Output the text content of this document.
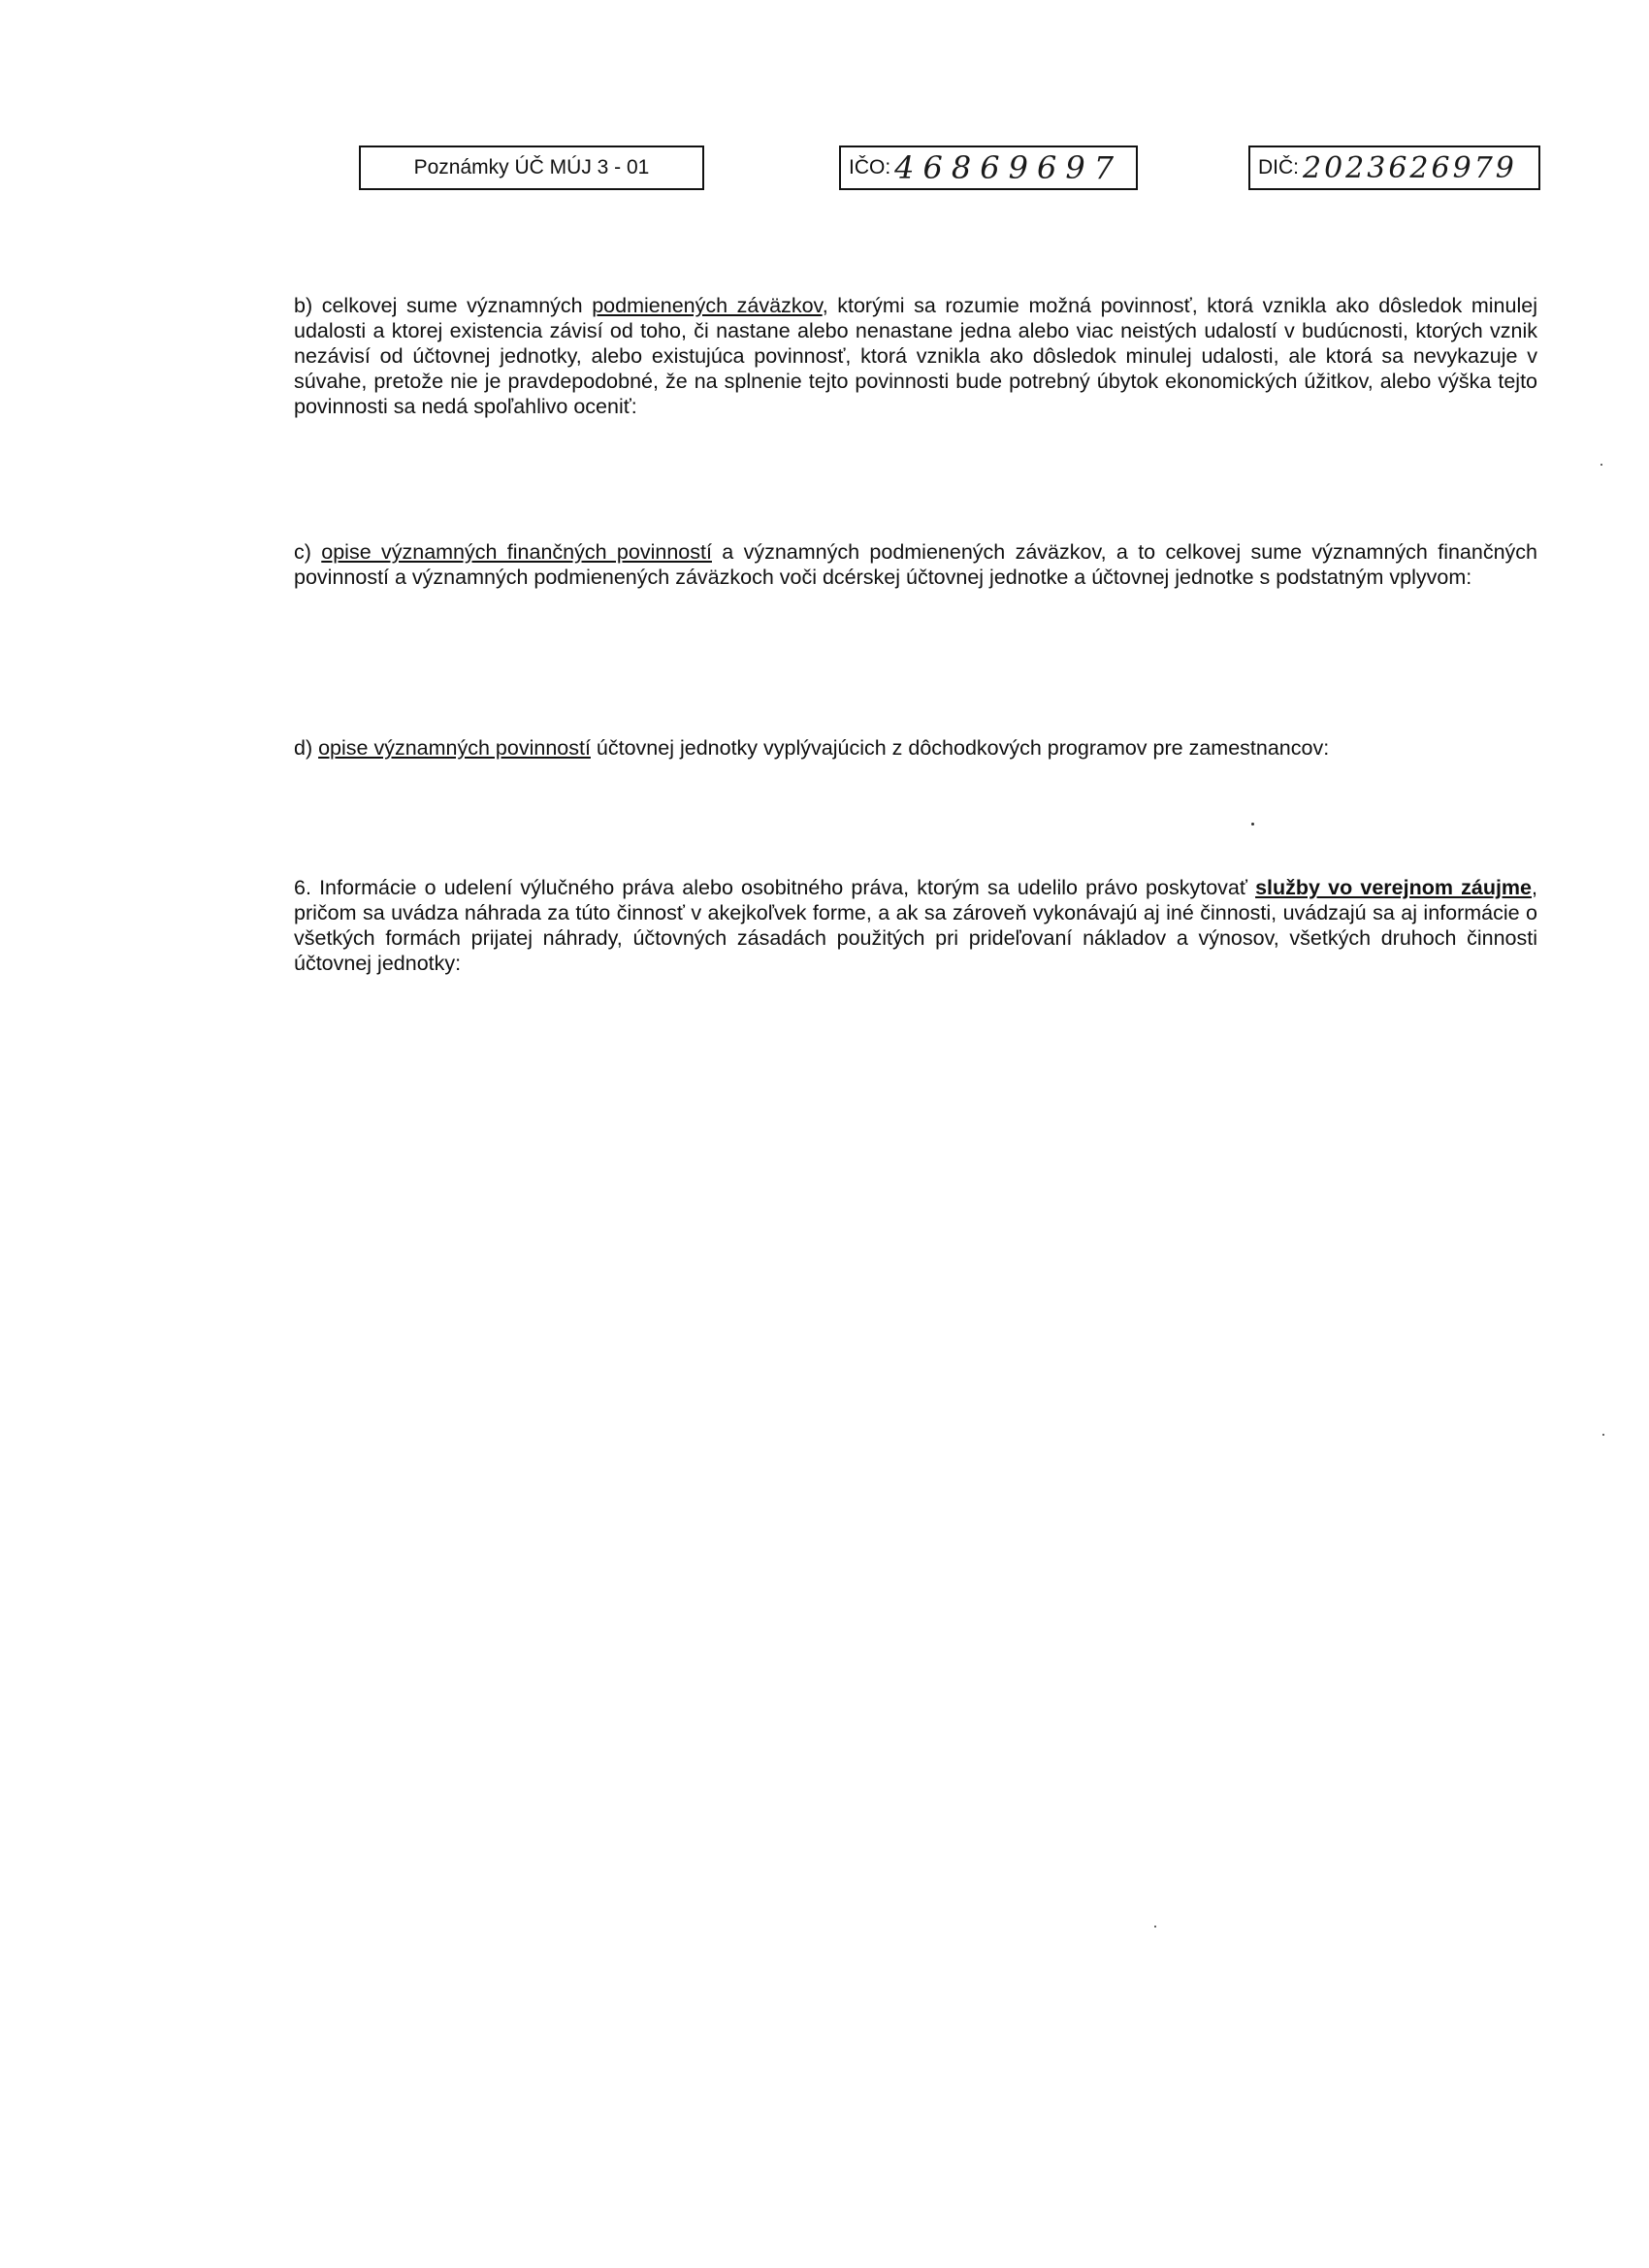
Poznámky ÚČ MÚJ 3 - 01	IČO: 46869697	DIČ: 2023626979

b) celkovej sume významných podmienených záväzkov, ktorými sa rozumie možná povinnosť, ktorá vznikla ako dôsledok minulej udalosti a ktorej existencia závisí od toho, či nastane alebo nenastane jedna alebo viac neistých udalostí v budúcnosti, ktorých vznik nezávisí od účtovnej jednotky, alebo existujúca povinnosť, ktorá vznikla ako dôsledok minulej udalosti, ale ktorá sa nevykazuje v súvahe, pretože nie je pravdepodobné, že na splnenie tejto povinnosti bude potrebný úbytok ekonomických úžitkov, alebo výška tejto povinnosti sa nedá spoľahlivo oceniť:

c) opise významných finančných povinností a významných podmienených záväzkov, a to celkovej sume významných finančných povinností a významných podmienených záväzkoch voči dcérskej účtovnej jednotke a účtovnej jednotke s podstatným vplyvom:

d) opise významných povinností účtovnej jednotky vyplývajúcich z dôchodkových programov pre zamestnancov:

6. Informácie o udelení výlučného práva alebo osobitného práva, ktorým sa udelilo právo poskytovať služby vo verejnom záujme, pričom sa uvádza náhrada za túto činnosť v akejkoľvek forme, a ak sa zároveň vykonávajú aj iné činnosti, uvádzajú sa aj informácie o všetkých formách prijatej náhrady, účtovných zásadách použitých pri prideľovaní nákladov a výnosov, všetkých druhoch činnosti účtovnej jednotky:
